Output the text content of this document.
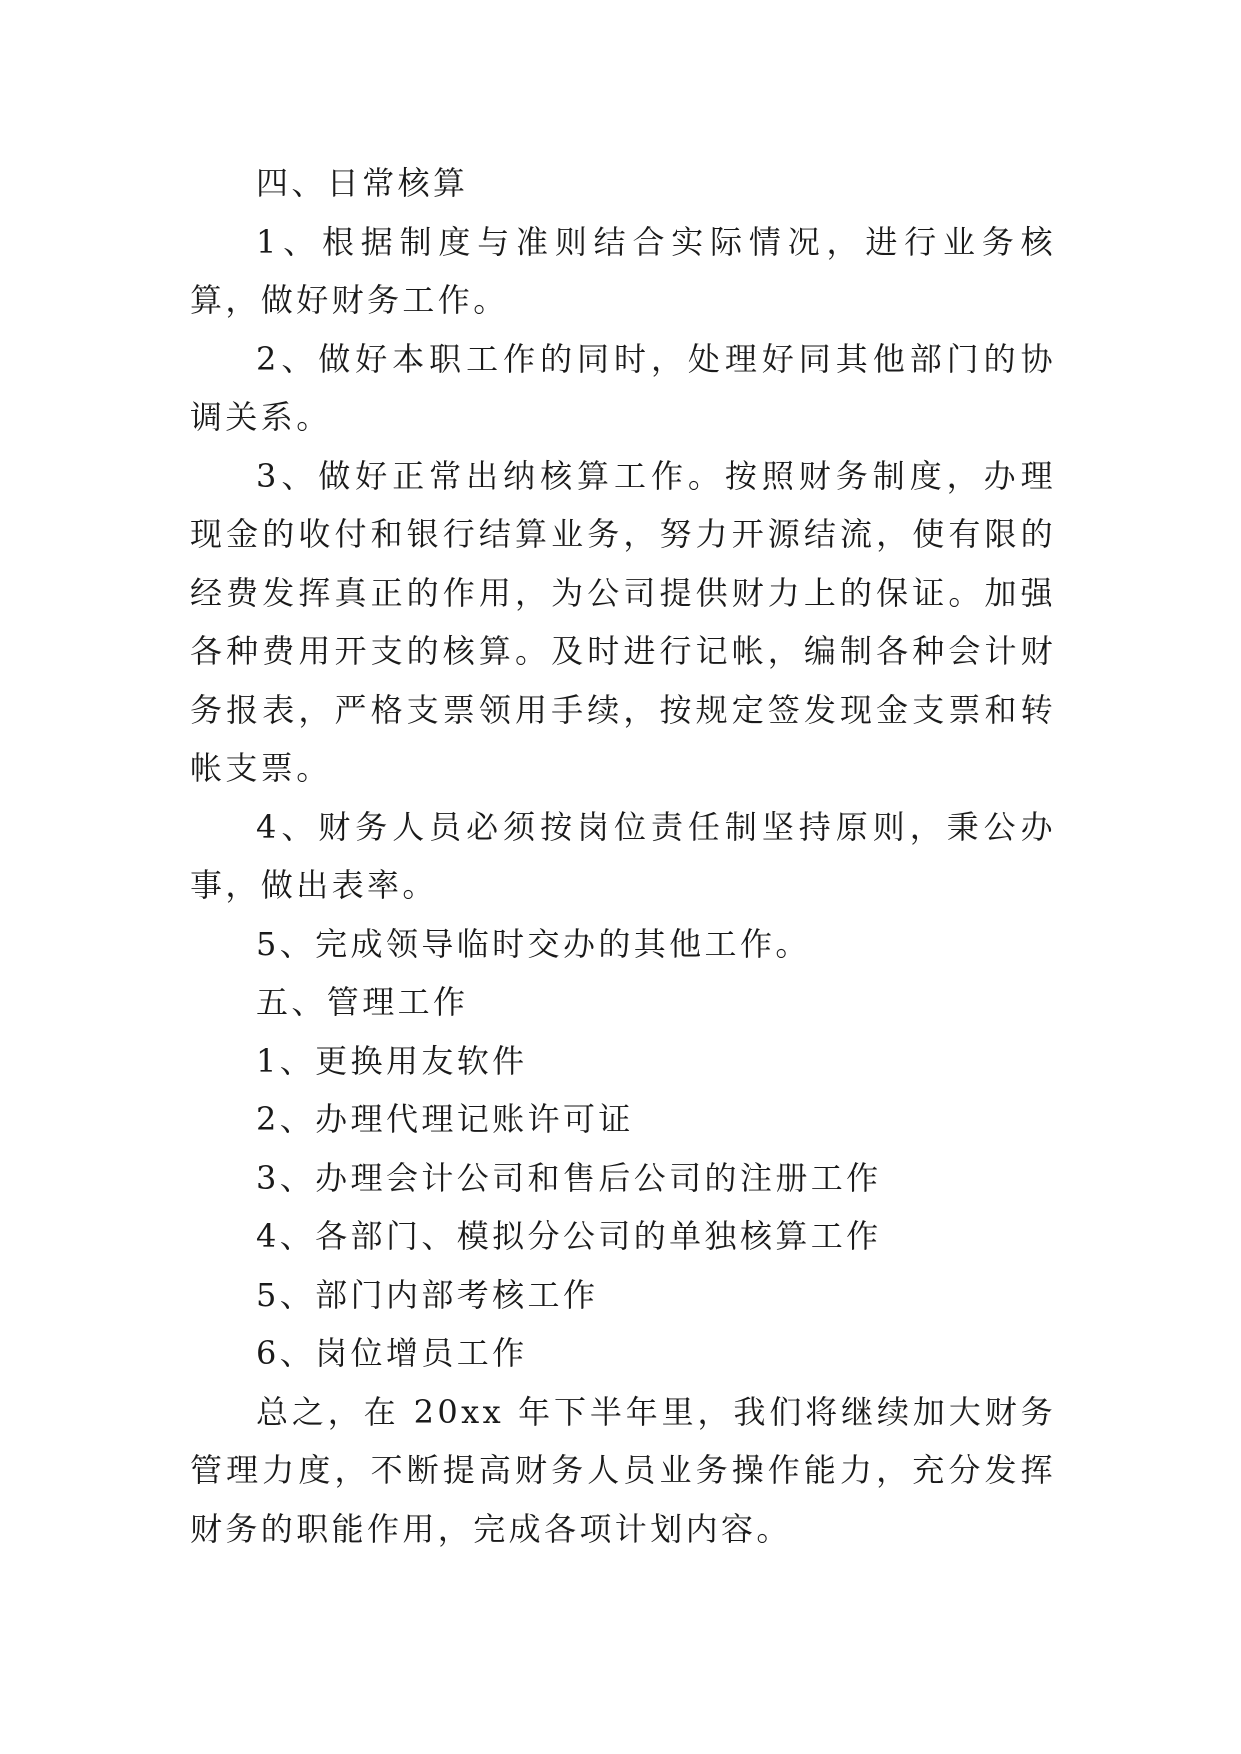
四、日常核算

1、根据制度与准则结合实际情况，进行业务核算，做好财务工作。

2、做好本职工作的同时，处理好同其他部门的协调关系。

3、做好正常出纳核算工作。按照财务制度，办理现金的收付和银行结算业务，努力开源结流，使有限的经费发挥真正的作用，为公司提供财力上的保证。加强各种费用开支的核算。及时进行记帐，编制各种会计财务报表，严格支票领用手续，按规定签发现金支票和转帐支票。

4、财务人员必须按岗位责任制坚持原则，秉公办事，做出表率。

5、完成领导临时交办的其他工作。

五、管理工作

1、更换用友软件

2、办理代理记账许可证

3、办理会计公司和售后公司的注册工作

4、各部门、模拟分公司的单独核算工作

5、部门内部考核工作

6、岗位增员工作

总之，在 20xx 年下半年里，我们将继续加大财务管理力度，不断提高财务人员业务操作能力，充分发挥财务的职能作用，完成各项计划内容。
